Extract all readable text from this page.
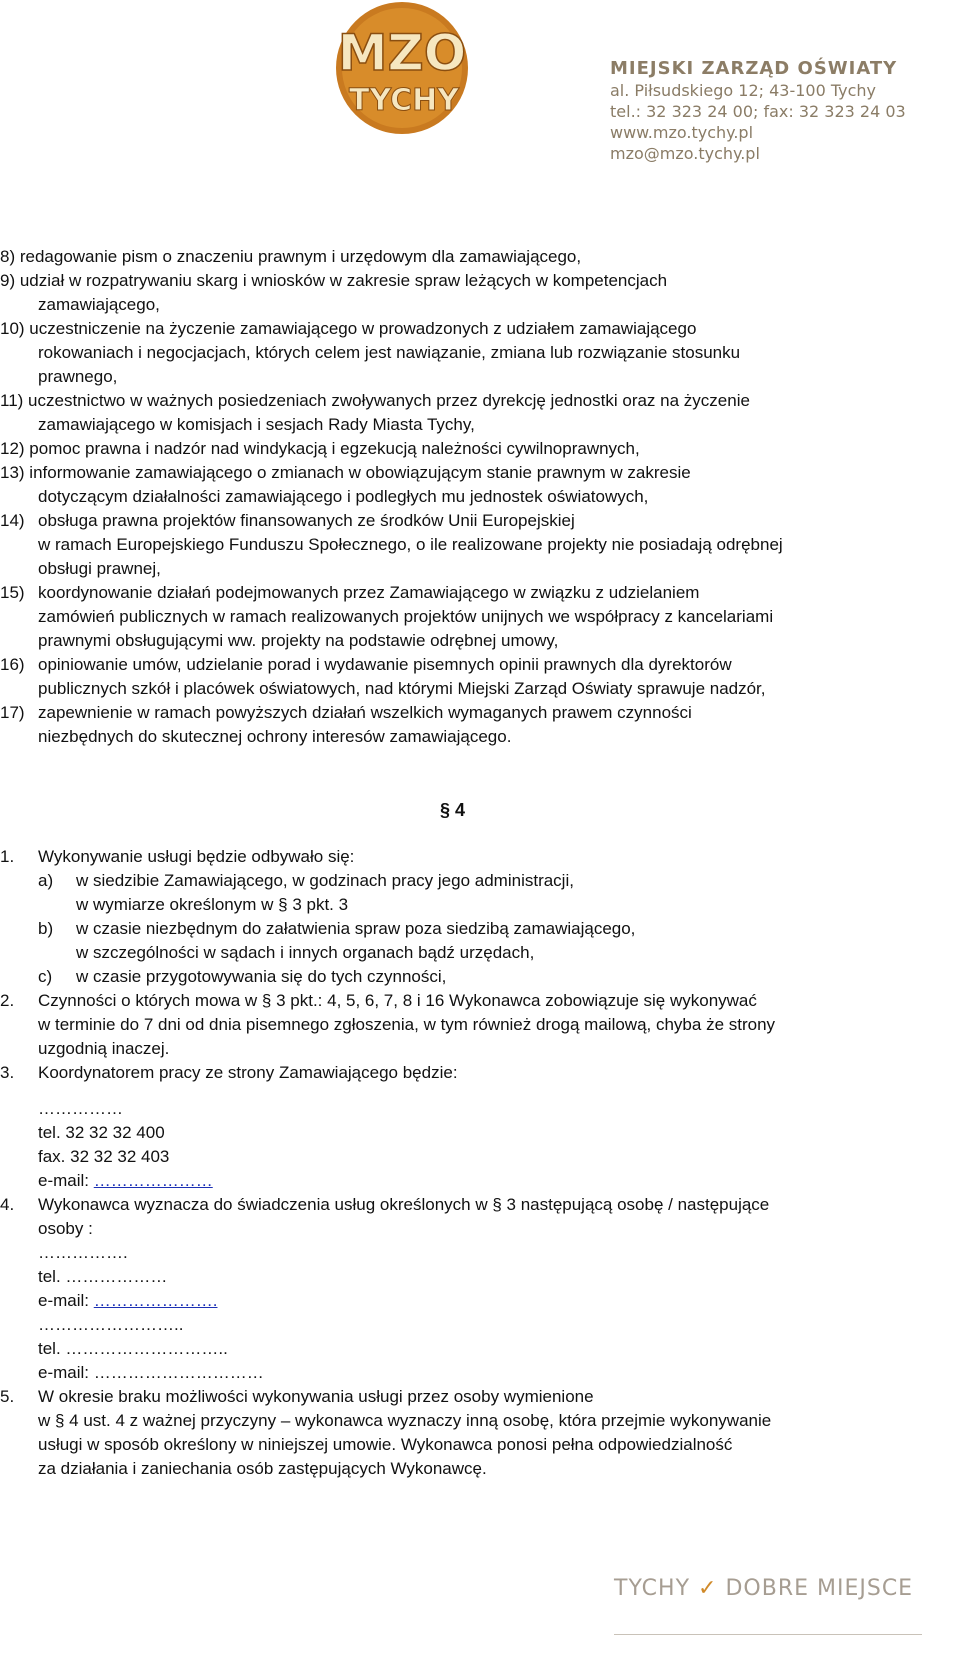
MZO
TYCHY
MIEJSKI ZARZĄD OŚWIATY
al. Piłsudskiego 12; 43-100 Tychy
tel.: 32 323 24 00; fax: 32 323 24 03
www.mzo.tychy.pl
mzo@mzo.tychy.pl
8) redagowanie pism o znaczeniu prawnym i urzędowym dla zamawiającego,
9) udział w rozpatrywaniu skarg i wniosków w zakresie spraw leżących w kompetencjach
zamawiającego,
10) uczestniczenie na życzenie zamawiającego w prowadzonych z udziałem zamawiającego
rokowaniach i negocjacjach, których celem jest nawiązanie, zmiana lub rozwiązanie stosunku
prawnego,
11) uczestnictwo w ważnych posiedzeniach zwoływanych przez dyrekcję jednostki oraz na życzenie
zamawiającego w komisjach i sesjach Rady Miasta Tychy,
12) pomoc prawna i nadzór nad windykacją i egzekucją należności cywilnoprawnych,
13) informowanie zamawiającego o zmianach w obowiązującym stanie prawnym w zakresie
dotyczącym działalności zamawiającego i podległych mu jednostek oświatowych,
14) obsługa prawna projektów finansowanych ze środków Unii Europejskiej
w ramach Europejskiego Funduszu Społecznego, o ile realizowane projekty nie posiadają odrębnej
obsługi prawnej,
15) koordynowanie działań podejmowanych przez Zamawiającego w związku z udzielaniem
zamówień publicznych w ramach realizowanych projektów unijnych we współpracy z kancelariami
prawnymi obsługującymi ww. projekty na podstawie odrębnej umowy,
16) opiniowanie umów, udzielanie porad i wydawanie pisemnych opinii prawnych dla dyrektorów
publicznych szkół i placówek oświatowych, nad którymi Miejski Zarząd Oświaty sprawuje nadzór,
17) zapewnienie w ramach powyższych działań wszelkich wymaganych prawem czynności
niezbędnych do skutecznej ochrony interesów zamawiającego.
§ 4
1. Wykonywanie usługi będzie odbywało się:
a) w siedzibie Zamawiającego, w godzinach pracy jego administracji,
w wymiarze określonym w § 3 pkt. 3
b) w czasie niezbędnym do załatwienia spraw poza siedzibą zamawiającego,
w szczególności w sądach i innych organach bądź urzędach,
c) w czasie przygotowywania się do tych czynności,
2. Czynności o których mowa w § 3 pkt.: 4, 5, 6, 7, 8 i 16 Wykonawca zobowiązuje się wykonywać
w terminie do 7 dni od dnia pisemnego zgłoszenia, w tym również drogą mailową, chyba że strony
uzgodnią inaczej.
3. Koordynatorem pracy ze strony Zamawiającego będzie:
……………
tel. 32 32 32 400
fax. 32 32 32 403
e-mail: …………………
4. Wykonawca wyznacza do świadczenia usług określonych w § 3 następującą osobę / następujące
osoby :
…………….
tel. ………………
e-mail: ………………….
……………………..
tel. ………………………..
e-mail: …………………………
5. W okresie braku możliwości wykonywania usługi przez osoby wymienione
w § 4 ust. 4 z ważnej przyczyny – wykonawca wyznaczy inną osobę, która przejmie wykonywanie
usługi w sposób określony w niniejszej umowie. Wykonawca ponosi pełna odpowiedzialność
za działania i zaniechania osób zastępujących Wykonawcę.
TYCHY ✓ DOBRE MIEJSCE
